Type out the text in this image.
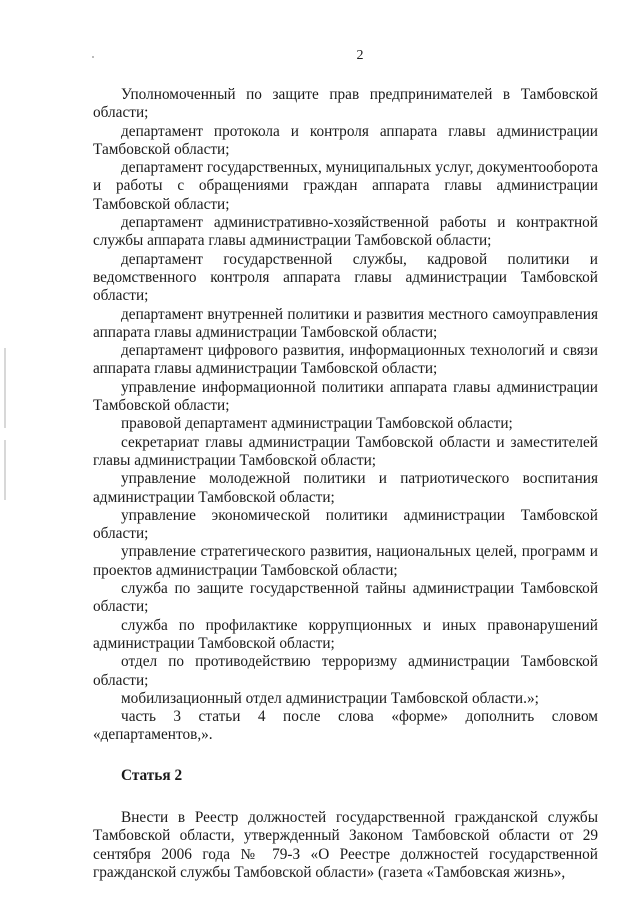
2

Уполномоченный по защите прав предпринимателей в Тамбовской области;

департамент протокола и контроля аппарата главы администрации Тамбовской области;

департамент государственных, муниципальных услуг, документооборота и работы с обращениями граждан аппарата главы администрации Тамбовской области;

департамент административно-хозяйственной работы и контрактной службы аппарата главы администрации Тамбовской области;

департамент государственной службы, кадровой политики и ведомственного контроля аппарата главы администрации Тамбовской области;

департамент внутренней политики и развития местного самоуправления аппарата главы администрации Тамбовской области;

департамент цифрового развития, информационных технологий и связи аппарата главы администрации Тамбовской области;

управление информационной политики аппарата главы администрации Тамбовской области;

правовой департамент администрации Тамбовской области;

секретариат главы администрации Тамбовской области и заместителей главы администрации Тамбовской области;

управление молодежной политики и патриотического воспитания администрации Тамбовской области;

управление экономической политики администрации Тамбовской области;

управление стратегического развития, национальных целей, программ и проектов администрации Тамбовской области;

служба по защите государственной тайны администрации Тамбовской области;

служба по профилактике коррупционных и иных правонарушений администрации Тамбовской области;

отдел по противодействию терроризму администрации Тамбовской области;

мобилизационный отдел администрации Тамбовской области.»;

часть 3 статьи 4 после слова «форме» дополнить словом «департаментов,».

Статья 2

Внести в Реестр должностей государственной гражданской службы Тамбовской области, утвержденный Законом Тамбовской области от 29 сентября 2006 года № 79-З «О Реестре должностей государственной гражданской службы Тамбовской области» (газета «Тамбовская жизнь»,
